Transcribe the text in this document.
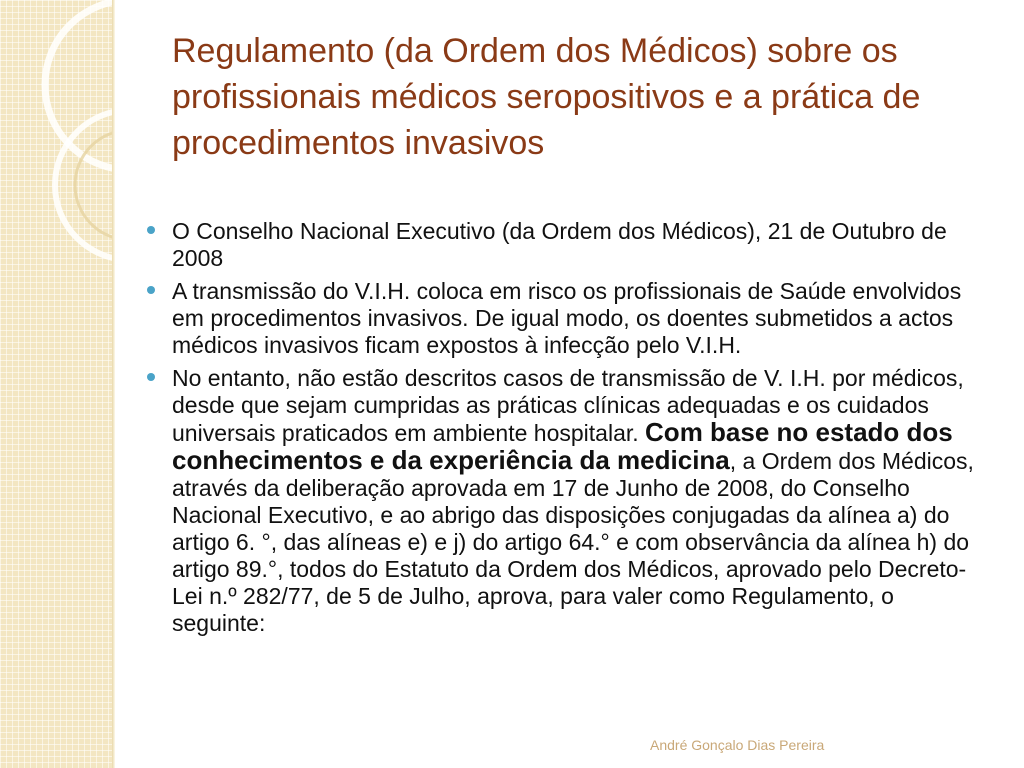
Regulamento (da Ordem dos Médicos) sobre os profissionais médicos seropositivos e a prática de procedimentos invasivos
O Conselho Nacional Executivo (da Ordem dos Médicos), 21 de Outubro de 2008
A transmissão do V.I.H. coloca em risco os profissionais de Saúde envolvidos em procedimentos invasivos. De igual modo, os doentes submetidos a actos médicos invasivos ficam expostos à infecção pelo V.I.H.
No entanto, não estão descritos casos de transmissão de V. I.H. por médicos, desde que sejam cumpridas as práticas clínicas adequadas e os cuidados universais praticados em ambiente hospitalar. Com base no estado dos conhecimentos e da experiência da medicina, a Ordem dos Médicos, através da deliberação aprovada em 17 de Junho de 2008, do Conselho Nacional Executivo, e ao abrigo das disposições conjugadas da alínea a) do artigo 6. °, das alíneas e) e j) do artigo 64.° e com observância da alínea h) do artigo 89.°, todos do Estatuto da Ordem dos Médicos, aprovado pelo Decreto-Lei n.º 282/77, de 5 de Julho, aprova, para valer como Regulamento, o seguinte:
André Gonçalo Dias Pereira
